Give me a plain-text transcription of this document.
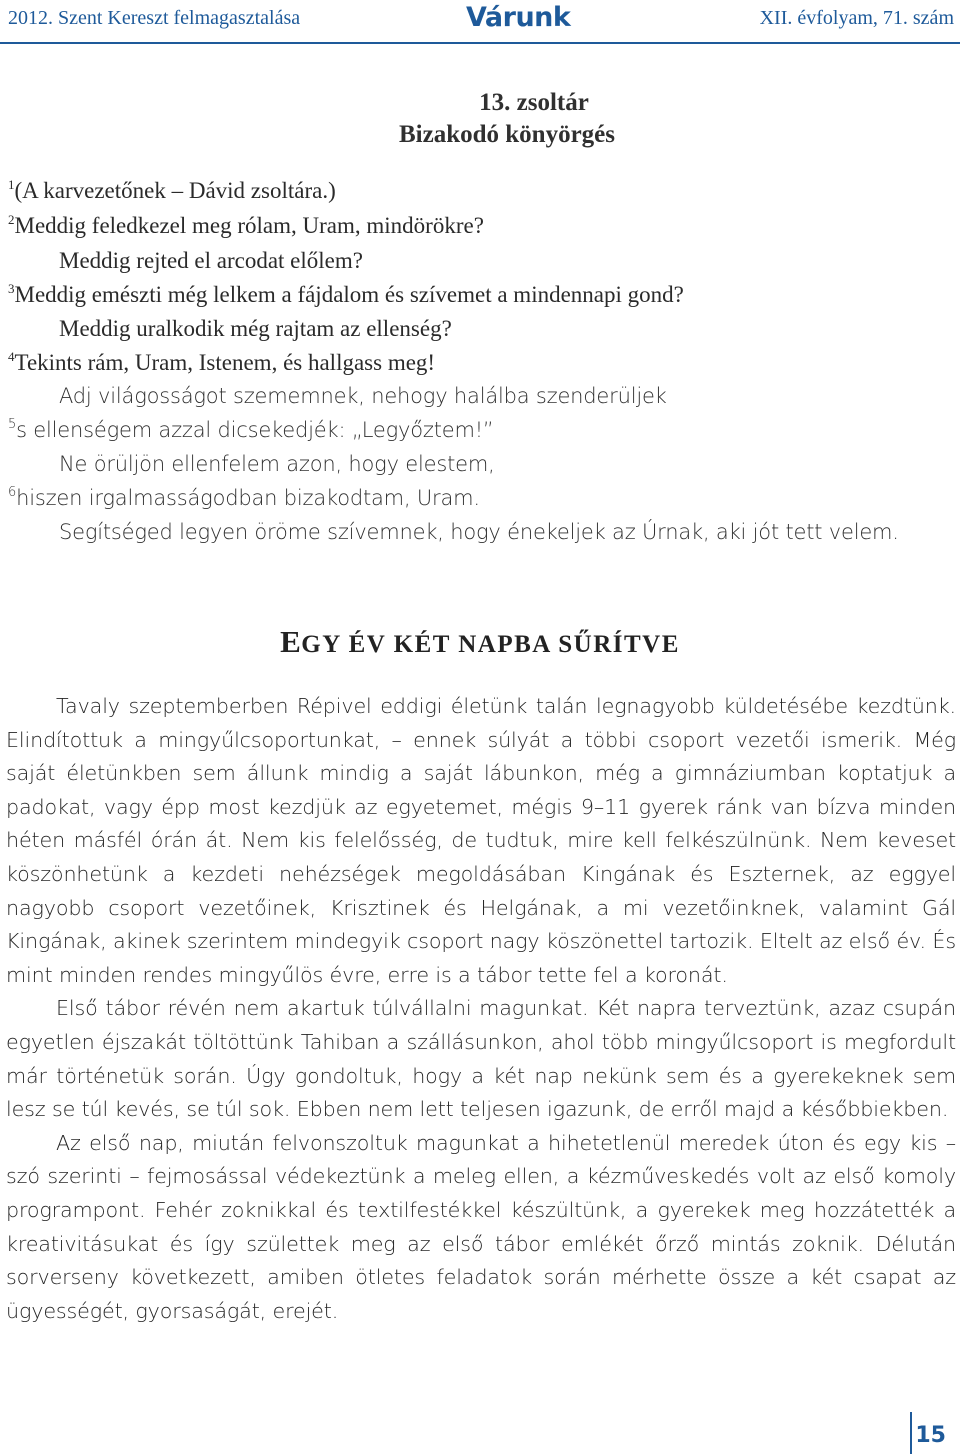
2012. Szent Kereszt felmagasztalása	Várunk	XII. évfolyam, 71. szám
13. zsoltár
Bizakodó könyörgés
$^1$(A karvezetőnek – Dávid zsoltára.)
$^2$Meddig feledkezel meg rólam, Uram, mindörökre?
Meddig rejted el arcodat előlem?
$^3$Meddig emészti még lelkem a fájdalom és szívemet a mindennapi gond?
Meddig uralkodik még rajtam az ellenség?
$^4$Tekints rám, Uram, Istenem, és hallgass meg!
Adj világosságot szememnek, nehogy halálba szenderüljek
$^5$s ellenségem azzal dicsekedjék: „Legyőztem!”
Ne örüljön ellenfelem azon, hogy elestem,
$^6$hiszen irgalmasságodban bizakodtam, Uram.
Segítséged legyen öröme szívemnek, hogy énekeljek az Úrnak, aki jót tett velem.
EGY ÉV KÉT NAPBA SŰRÍTVE

Tavaly szeptemberben Répivel eddigi életünk talán legnagyobb küldetésébe kezdtünk. Elindítottuk a mingyűlcsoportunkat, – ennek súlyát a többi csoport vezetői ismerik. Még saját életünkben sem állunk mindig a saját lábunkon, még a gimnáziumban koptatjuk a padokat, vagy épp most kezdjük az egyetemet, mégis 9–11 gyerek ránk van bízva minden héten másfél órán át. Nem kis felelősség, de tudtuk, mire kell felkészülnünk. Nem keveset köszönhetünk a kezdeti nehézségek megoldásában Kingának és Eszternek, az eggyel nagyobb csoport vezetőinek, Krisztinek és Helgának, a mi vezetőinknek, valamint Gál Kingának, akinek szerintem mindegyik csoport nagy köszönettel tartozik. Eltelt az első év. És mint minden rendes mingyűlös évre, erre is a tábor tette fel a koronát.

Első tábor révén nem akartuk túlvállalni magunkat. Két napra terveztünk, azaz csupán egyetlen éjszakát töltöttünk Tahiban a szállásunkon, ahol több mingyűlcsoport is megfordult már történetük során. Úgy gondoltuk, hogy a két nap nekünk sem és a gyerekeknek sem lesz se túl kevés, se túl sok. Ebben nem lett teljesen igazunk, de erről majd a későbbiekben.

Az első nap, miután felvonszoltuk magunkat a hihetetlenül meredek úton és egy kis – szó szerinti – fejmosással védekeztünk a meleg ellen, a kézműveskedés volt az első komoly programpont. Fehér zoknikkal és textilfestékkel készültünk, a gyerekek meg hozzátették a kreativitásukat és így születtek meg az első tábor emlékét őrző mintás zoknik. Délután sorverseny következett, amiben ötletes feladatok során mérhette össze a két csapat az ügyességét, gyorsaságát, erejét.

15
